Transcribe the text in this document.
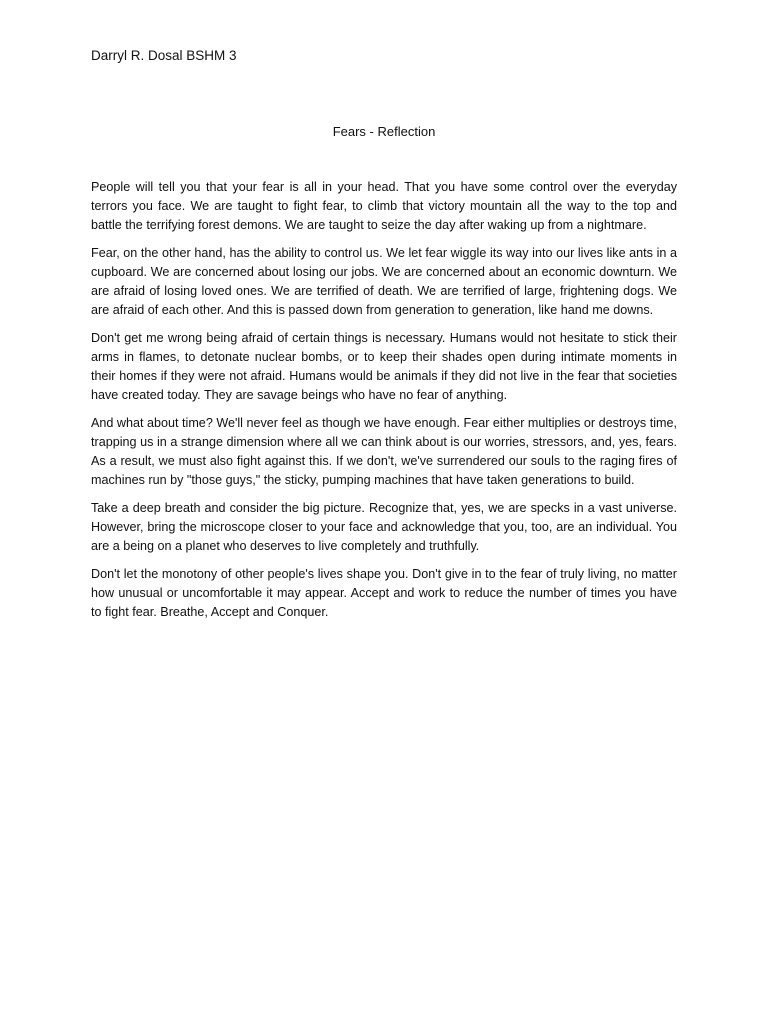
Darryl R. Dosal BSHM 3
Fears - Reflection

People will tell you that your fear is all in your head. That you have some control over the everyday terrors you face. We are taught to fight fear, to climb that victory mountain all the way to the top and battle the terrifying forest demons. We are taught to seize the day after waking up from a nightmare.

Fear, on the other hand, has the ability to control us. We let fear wiggle its way into our lives like ants in a cupboard. We are concerned about losing our jobs. We are concerned about an economic downturn. We are afraid of losing loved ones. We are terrified of death. We are terrified of large, frightening dogs. We are afraid of each other. And this is passed down from generation to generation, like hand me downs.

Don't get me wrong being afraid of certain things is necessary. Humans would not hesitate to stick their arms in flames, to detonate nuclear bombs, or to keep their shades open during intimate moments in their homes if they were not afraid. Humans would be animals if they did not live in the fear that societies have created today. They are savage beings who have no fear of anything.

And what about time? We'll never feel as though we have enough. Fear either multiplies or destroys time, trapping us in a strange dimension where all we can think about is our worries, stressors, and, yes, fears. As a result, we must also fight against this. If we don't, we've surrendered our souls to the raging fires of machines run by "those guys," the sticky, pumping machines that have taken generations to build.

Take a deep breath and consider the big picture. Recognize that, yes, we are specks in a vast universe. However, bring the microscope closer to your face and acknowledge that you, too, are an individual. You are a being on a planet who deserves to live completely and truthfully.

Don't let the monotony of other people's lives shape you. Don't give in to the fear of truly living, no matter how unusual or uncomfortable it may appear. Accept and work to reduce the number of times you have to fight fear. Breathe, Accept and Conquer.
